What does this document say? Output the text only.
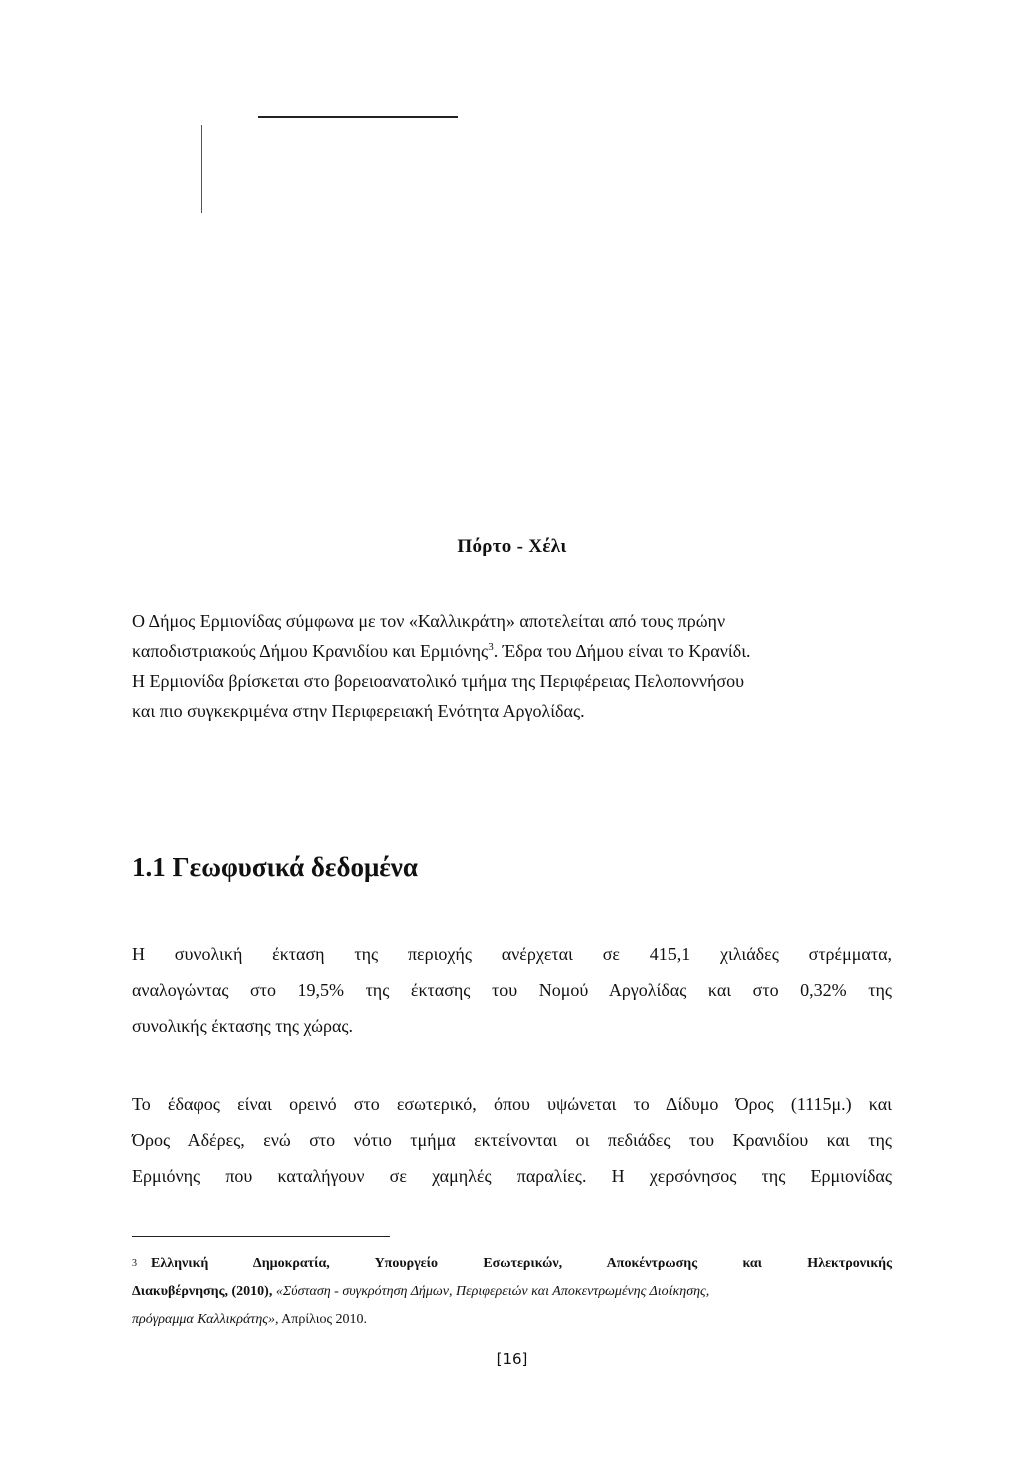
Πόρτο - Χέλι
Ο Δήμος Ερμιονίδας σύμφωνα με τον «Καλλικράτη» αποτελείται από τους πρώην
καποδιστριακούς Δήμου Κρανιδίου και Ερμιόνης$^3$. Έδρα του Δήμου είναι το Κρανίδι.
Η Ερμιονίδα βρίσκεται στο βορειοανατολικό τμήμα της Περιφέρειας Πελοποννήσου
και πιο συγκεκριμένα στην Περιφερειακή Ενότητα Αργολίδας.
1.1 Γεωφυσικά δεδομένα
Η συνολική έκταση της περιοχής ανέρχεται σε 415,1 χιλιάδες στρέμματα,
αναλογώντας στο 19,5% της έκτασης του Νομού Αργολίδας και στο 0,32% της
συνολικής έκτασης της χώρας.
Το έδαφος είναι ορεινό στο εσωτερικό, όπου υψώνεται το Δίδυμο Όρος (1115μ.) και
Όρος Αδέρες, ενώ στο νότιο τμήμα εκτείνονται οι πεδιάδες του Κρανιδίου και της
Ερμιόνης που καταλήγουν σε χαμηλές παραλίες. Η χερσόνησος της Ερμιονίδας
$^3$ Ελληνική Δημοκρατία, Υπουργείο Εσωτερικών, Αποκέντρωσης και Ηλεκτρονικής
Διακυβέρνησης, (2010), «Σύσταση - συγκρότηση Δήμων, Περιφερειών και Αποκεντρωμένης Διοίκησης,
πρόγραμμα Καλλικράτης», Απρίλιος 2010.
[16]
